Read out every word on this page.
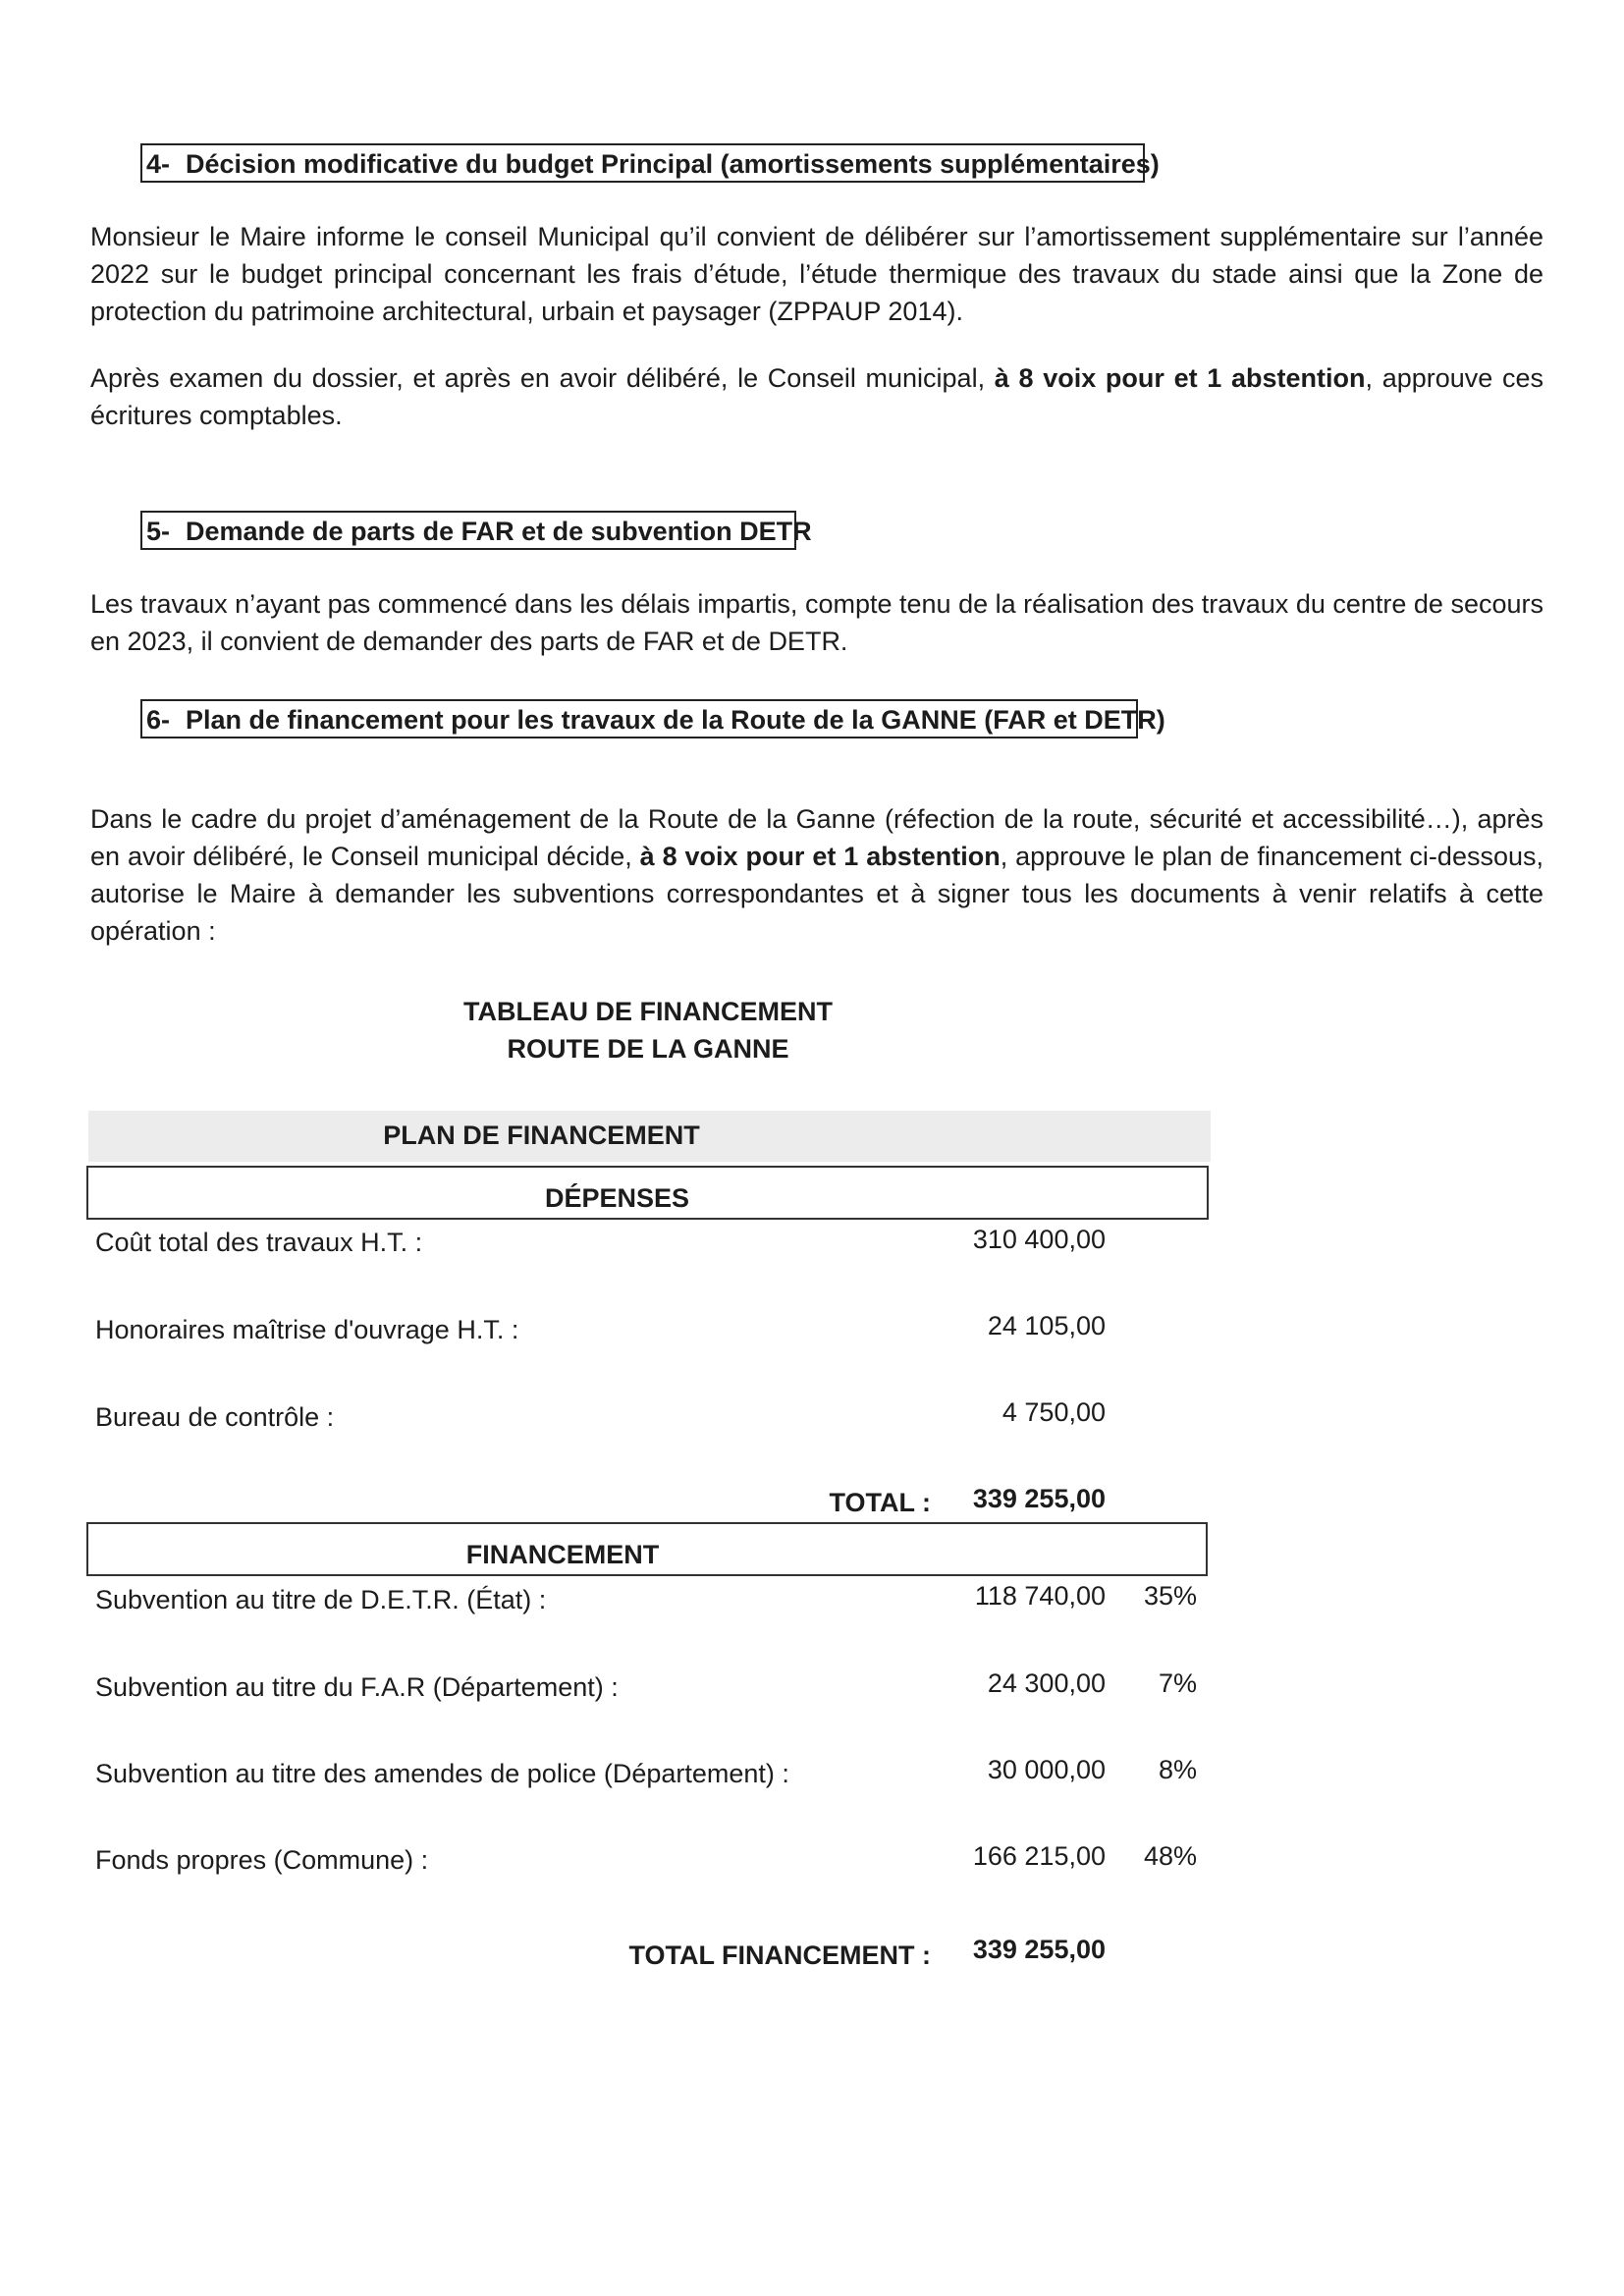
4- Décision modificative du budget Principal (amortissements supplémentaires)

Monsieur le Maire informe le conseil Municipal qu’il convient de délibérer sur l’amortissement supplémentaire sur l’année 2022 sur le budget principal concernant les frais d’étude, l’étude thermique des travaux du stade ainsi que la Zone de protection du patrimoine architectural, urbain et paysager (ZPPAUP 2014).

Après examen du dossier, et après en avoir délibéré, le Conseil municipal, à 8 voix pour et 1 abstention, approuve ces écritures comptables.

5- Demande de parts de FAR et de subvention DETR

Les travaux n’ayant pas commencé dans les délais impartis, compte tenu de la réalisation des travaux du centre de secours en 2023, il convient de demander des parts de FAR et de DETR.

6- Plan de financement pour les travaux de la Route de la GANNE (FAR et DETR)

Dans le cadre du projet d’aménagement de la Route de la Ganne (réfection de la route, sécurité et accessibilité…), après en avoir délibéré, le Conseil municipal décide, à 8 voix pour et 1 abstention, approuve le plan de financement ci-dessous, autorise le Maire à demander les subventions correspondantes et à signer tous les documents à venir relatifs à cette opération :

TABLEAU DE FINANCEMENT
ROUTE DE LA GANNE
PLAN DE FINANCEMENT
DÉPENSES
Coût total des travaux H.T. :	310 400,00
Honoraires maîtrise d'ouvrage H.T. :	24 105,00
Bureau de contrôle :	4 750,00
TOTAL : 339 255,00
FINANCEMENT
Subvention au titre de D.E.T.R. (État) :	118 740,00 35%
Subvention au titre du F.A.R (Département) :	24 300,00 7%
Subvention au titre des amendes de police (Département) :	30 000,00 8%
Fonds propres (Commune) :	166 215,00 48%
TOTAL FINANCEMENT : 339 255,00
